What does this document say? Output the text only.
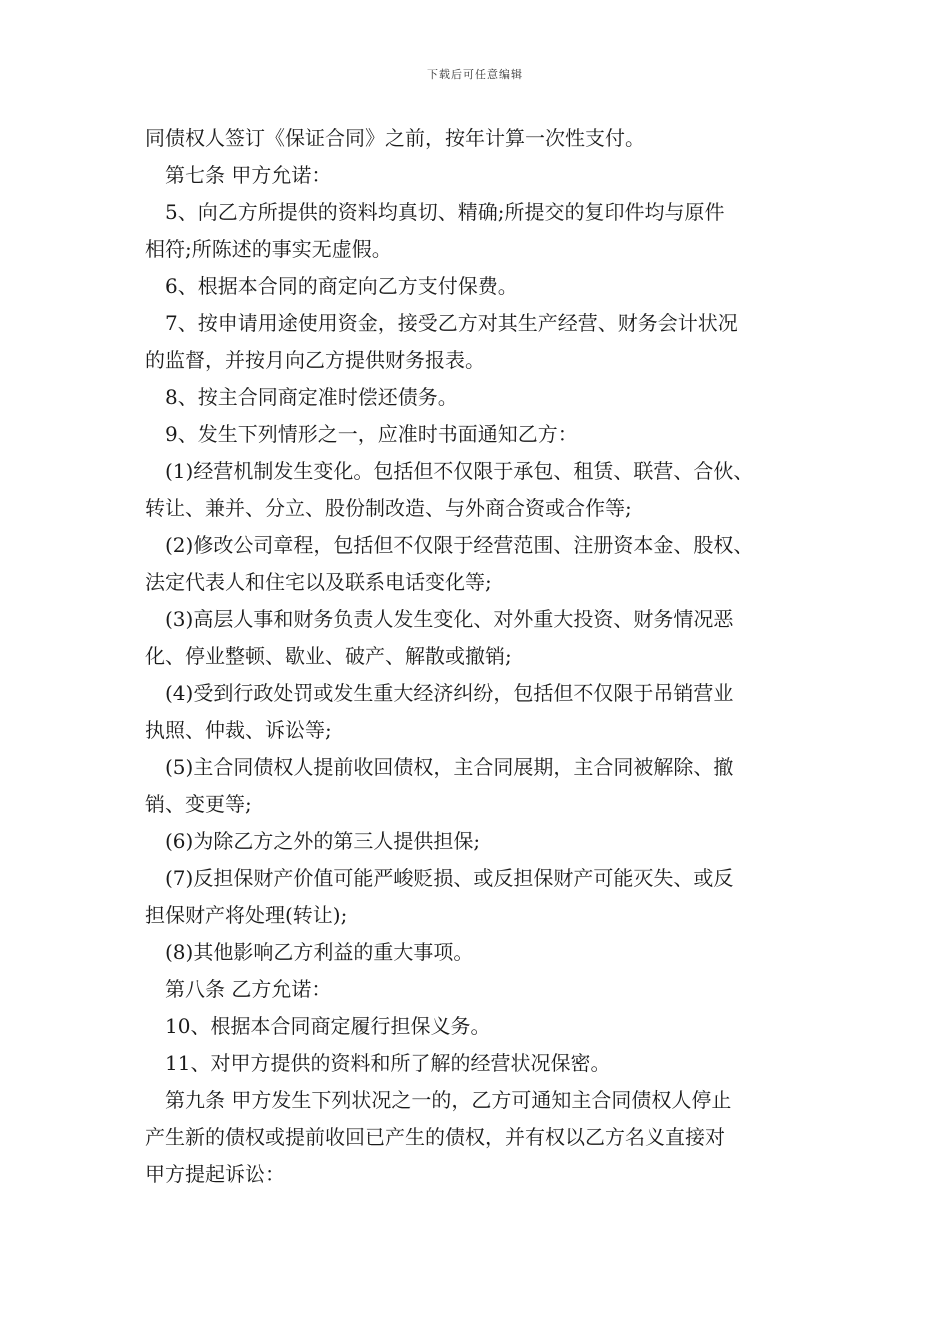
下载后可任意编辑
同债权人签订《保证合同》之前，按年计算一次性支付。
第七条 甲方允诺：
5、向乙方所提供的资料均真切、精确;所提交的复印件均与原件
相符;所陈述的事实无虚假。
6、根据本合同的商定向乙方支付保费。
7、按申请用途使用资金，接受乙方对其生产经营、财务会计状况
的监督，并按月向乙方提供财务报表。
8、按主合同商定准时偿还债务。
9、发生下列情形之一，应准时书面通知乙方：
(1)经营机制发生变化。包括但不仅限于承包、租赁、联营、合伙、
转让、兼并、分立、股份制改造、与外商合资或合作等;
(2)修改公司章程，包括但不仅限于经营范围、注册资本金、股权、
法定代表人和住宅以及联系电话变化等;
(3)高层人事和财务负责人发生变化、对外重大投资、财务情况恶
化、停业整顿、歇业、破产、解散或撤销;
(4)受到行政处罚或发生重大经济纠纷，包括但不仅限于吊销营业
执照、仲裁、诉讼等;
(5)主合同债权人提前收回债权，主合同展期，主合同被解除、撤
销、变更等;
(6)为除乙方之外的第三人提供担保;
(7)反担保财产价值可能严峻贬损、或反担保财产可能灭失、或反
担保财产将处理(转让);
(8)其他影响乙方利益的重大事项。
第八条 乙方允诺：
10、根据本合同商定履行担保义务。
11、对甲方提供的资料和所了解的经营状况保密。
第九条 甲方发生下列状况之一的，乙方可通知主合同债权人停止
产生新的债权或提前收回已产生的债权，并有权以乙方名义直接对
甲方提起诉讼：
